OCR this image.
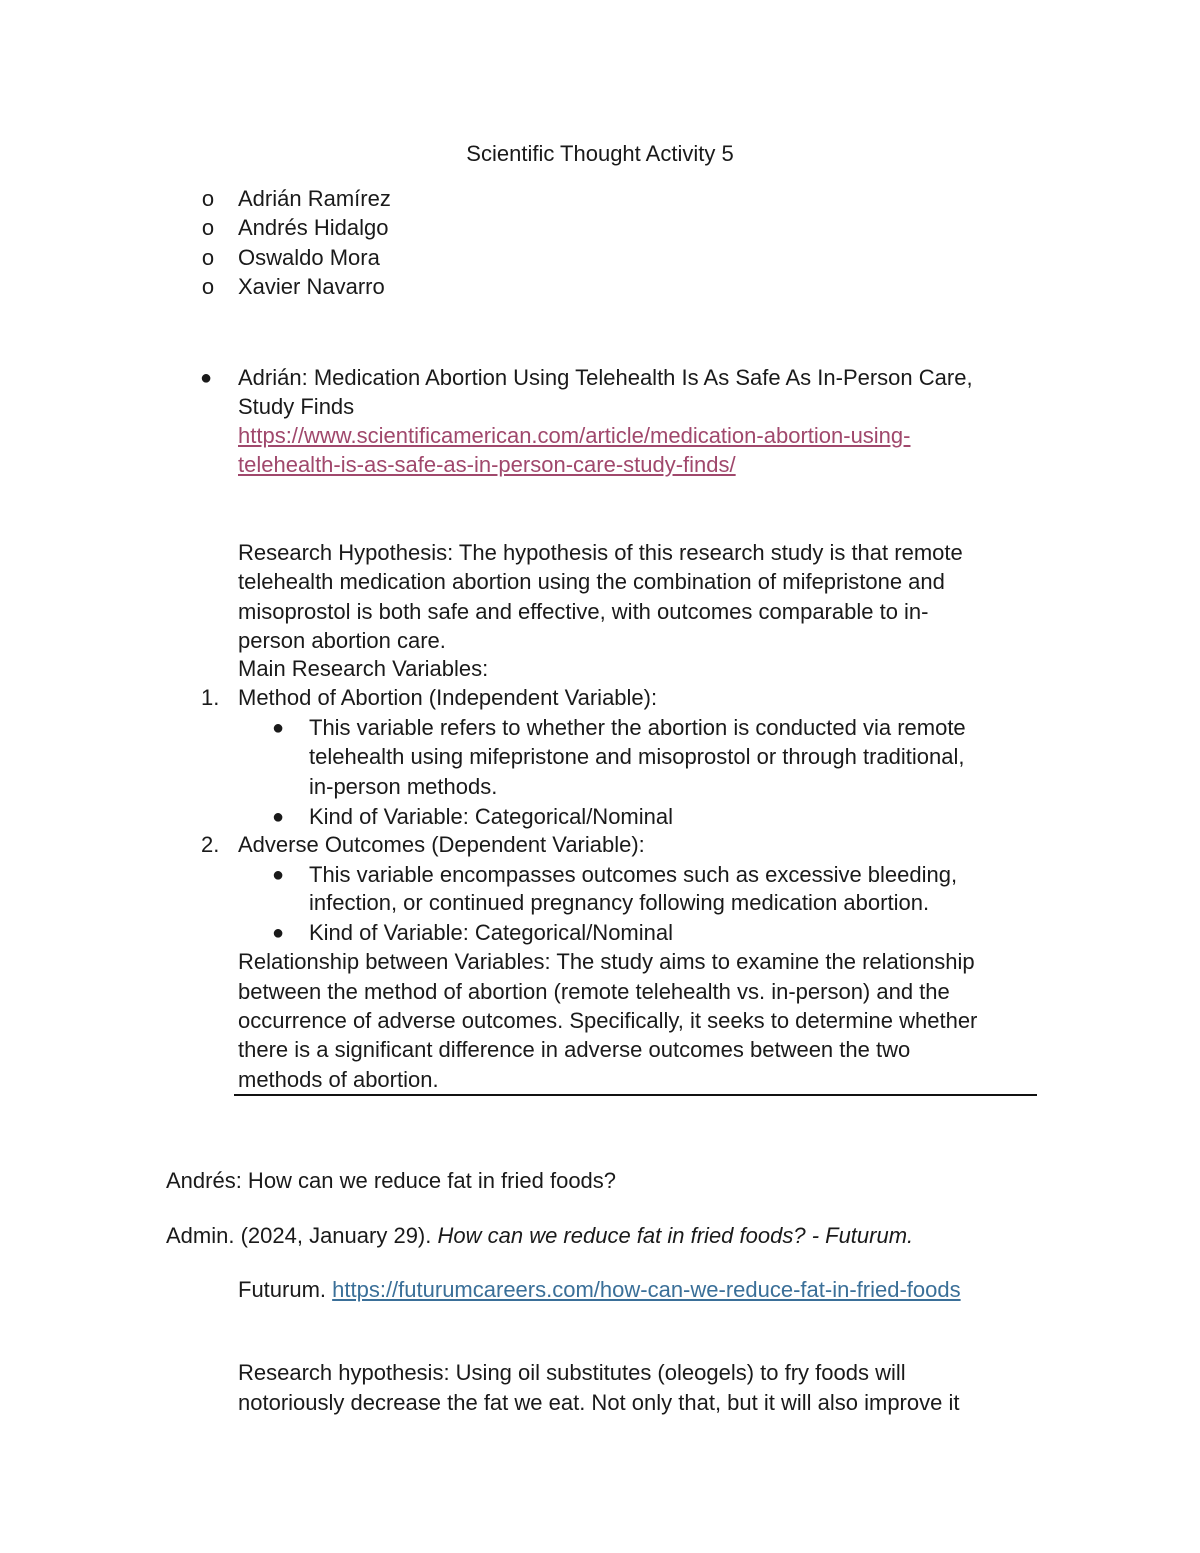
Scientific Thought Activity 5
o	Adrián Ramírez
o	Andrés Hidalgo
o	Oswaldo Mora
o	Xavier Navarro
●	Adrián: Medication Abortion Using Telehealth Is As Safe As In-Person Care,
Study Finds
https://www.scientificamerican.com/article/medication-abortion-using-
telehealth-is-as-safe-as-in-person-care-study-finds/
Research Hypothesis: The hypothesis of this research study is that remote
telehealth medication abortion using the combination of mifepristone and
misoprostol is both safe and effective, with outcomes comparable to in-
person abortion care.
Main Research Variables:
1. Method of Abortion (Independent Variable):
●	This variable refers to whether the abortion is conducted via remote
telehealth using mifepristone and misoprostol or through traditional,
in-person methods.
●	Kind of Variable: Categorical/Nominal
2. Adverse Outcomes (Dependent Variable):
●	This variable encompasses outcomes such as excessive bleeding,
infection, or continued pregnancy following medication abortion.
●	Kind of Variable: Categorical/Nominal
Relationship between Variables: The study aims to examine the relationship
between the method of abortion (remote telehealth vs. in-person) and the
occurrence of adverse outcomes. Specifically, it seeks to determine whether
there is a significant difference in adverse outcomes between the two
methods of abortion.
Andrés: How can we reduce fat in fried foods?
Admin. (2024, January 29). How can we reduce fat in fried foods? - Futurum.
Futurum. https://futurumcareers.com/how-can-we-reduce-fat-in-fried-foods
Research hypothesis: Using oil substitutes (oleogels) to fry foods will
notoriously decrease the fat we eat. Not only that, but it will also improve it
